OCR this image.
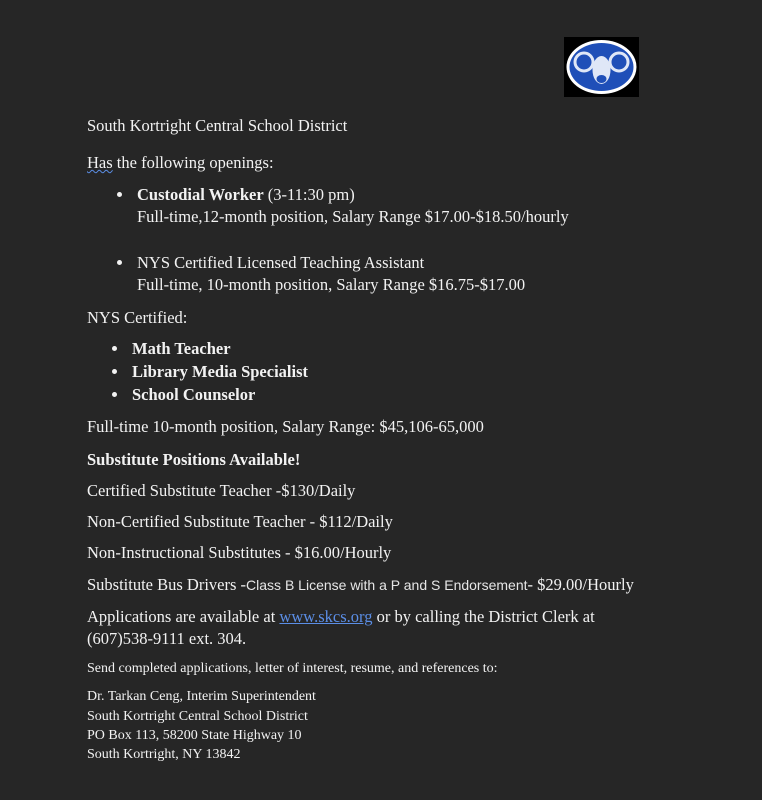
South Kortright Central School District
Has the following openings:
Custodial Worker (3-11:30 pm)
Full-time,12-month position, Salary Range $17.00-$18.50/hourly
NYS Certified Licensed Teaching Assistant
Full-time, 10-month position, Salary Range $16.75-$17.00
NYS Certified:
Math Teacher
Library Media Specialist
School Counselor
Full-time 10-month position, Salary Range: $45,106-65,000
Substitute Positions Available!
Certified Substitute Teacher -$130/Daily
Non-Certified Substitute Teacher - $112/Daily
Non-Instructional Substitutes - $16.00/Hourly
Substitute Bus Drivers -Class B License with a P and S Endorsement- $29.00/Hourly
Applications are available at www.skcs.org or by calling the District Clerk at
(607)538-9111 ext. 304.
Send completed applications, letter of interest, resume, and references to:
Dr. Tarkan Ceng, Interim Superintendent
South Kortright Central School District
PO Box 113, 58200 State Highway 10
South Kortright, NY 13842
